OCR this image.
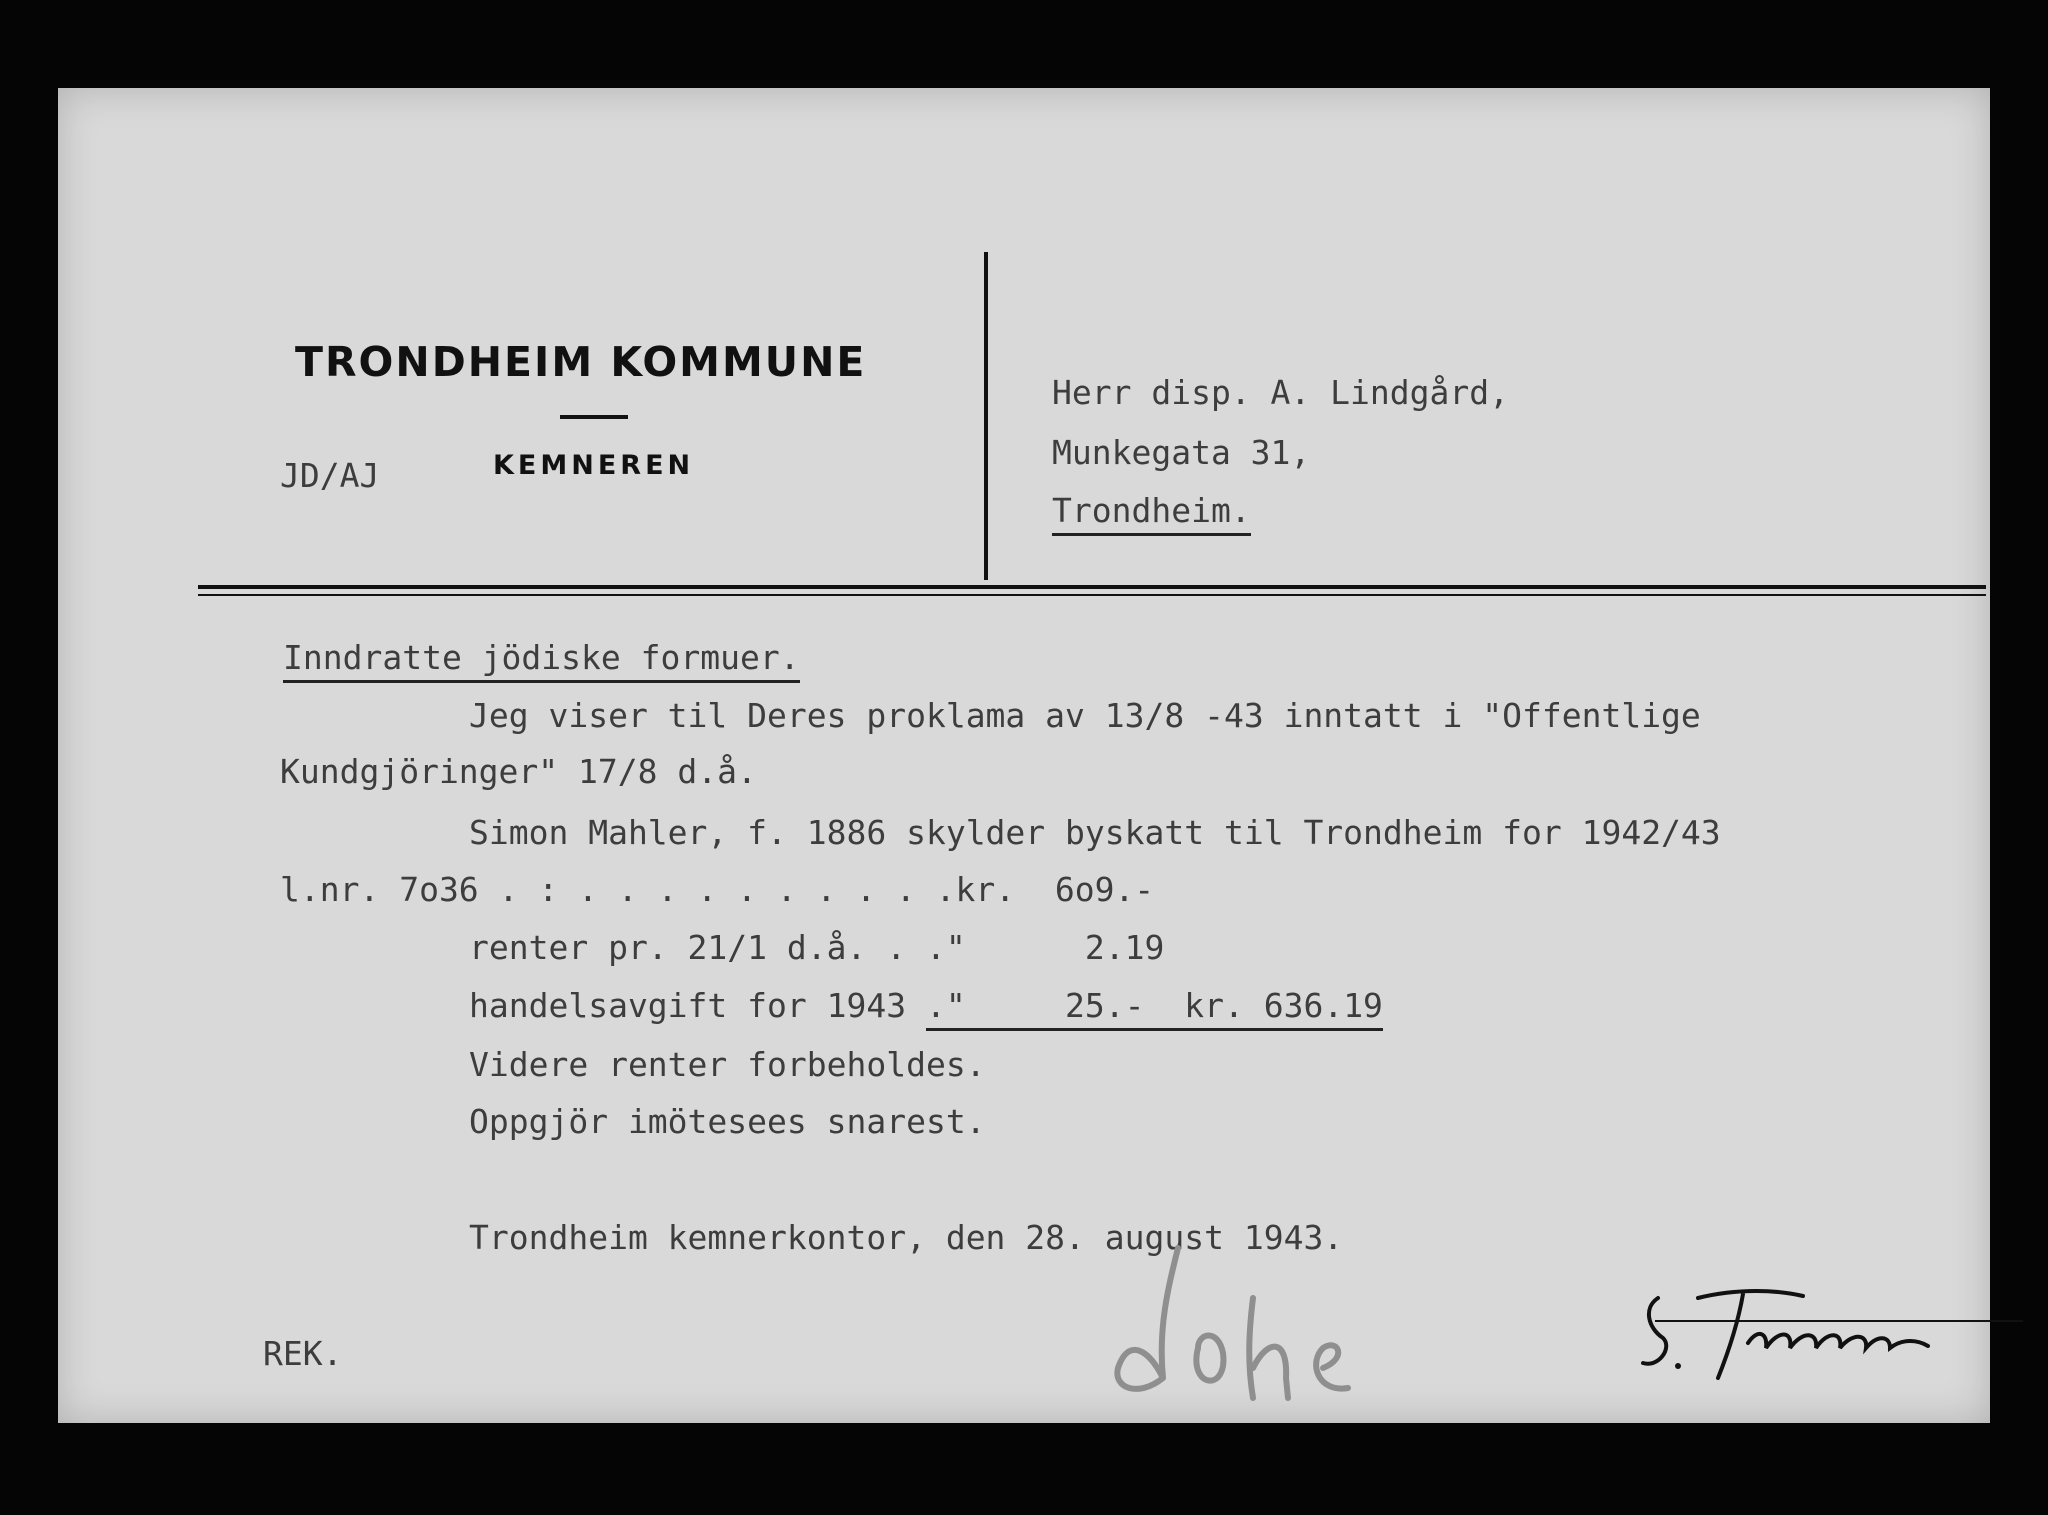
TRONDHEIM KOMMUNE
KEMNEREN
JD/AJ
Herr disp. A. Lindgård,
Munkegata 31,
Trondheim.
Inndratte jödiske formuer.
Jeg viser til Deres proklama av 13/8 -43 inntatt i "Offentlige
Kundgjöringer" 17/8 d.å.
Simon Mahler, f. 1886 skylder byskatt til Trondheim for 1942/43
l.nr. 7o36 . : . . . . . . . . . .kr.  6o9.-
renter pr. 21/1 d.å. . ."      2.19
handelsavgift for 1943 ."     25.-  kr. 636.19
Videre renter forbeholdes.
Oppgjör imötesees snarest.
Trondheim kemnerkontor, den 28. august 1943.
REK.
